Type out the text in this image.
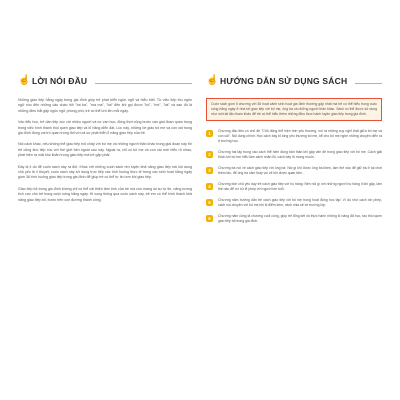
☝ LỜI NÓI ĐẦU

Những giao tiếp hằng ngày trong gia đình giúp trẻ phát triển ngôn ngữ và hiểu biết. Từ việc tiếp thu ngôn ngữ cho đến những câu chào hỏi "ba ba", "ma ma", "bà" đến khi gọi được "bố", "mẹ", "bà" và sau đó là những điều bắt gặp ngôn ngữ phong phú, trẻ có thể lớn lên mỗi ngày.

Vào tiểu học, trẻ dần tiếp xúc với nhiều người và cự vạn học, đồng thời cũng bước vào giai đoạn quan trọng trong việc hình thành thói quen giao tiếp và kĩ năng diễn đạt. Lúc này, những lời giáo bố mẹ và con cái trong gia đình đóng vai trò quan trọng đối với cả sự phát triển lĩ năng giao tiếp của trẻ.

Nói cách khác, nếu không thể giao tiếp trôi chảy với bố mẹ và những người thân khác trong giai đoạn này thì trẻ cũng khó tiếp xúc với thế giới bên ngoài sau này. Ngoài ra, chỉ có bố mẹ và con cái mới hiểu rõ nhau, phát hiện ra mặt khó khăn trong giao tiếp mà trẻ gặp phải.

Đây là lí do để cuốn sách này ra đời. Khác với những cuốn sách rèn luyện khả năng giao tiếp mà nội dung chủ yếu là lí thuyết, cuốn sách này sử dụng trực tiếp các tình huống thực tế trong các sinh hoạt hằng ngày gồm 36 tình huống giao tiếp trong gia đình để giúp trẻ có thể tự tin hơn khi giao tiếp.

Giao tiếp tốt trong gia đình không chỉ có thể cải thiện tâm tình của trẻ mà còn mang lại sự tự tin, năng lượng tích cực cho trẻ trong cuộc sống hằng ngày. Hi vọng thông qua cuốn sách này, trẻ em có thể hình thành khả năng giao tiếp tốt, bước trên con đường thành công.

☝ HƯỚNG DẪN SỬ DỤNG SÁCH

Cuốn sách gồm 5 chương với 36 hoạt cảnh sinh hoạt gia đình thường gặp nhất mà trẻ có thể hiểu trong cuộc sống hằng ngày ở nhà tới giao tiếp với bố mẹ, ông bà và những người thân khác. Sách có thể được sử dụng như một tài liệu tham khảo để trẻ có thể hiểu thêm những điều thực hành luyện giao tiếp trong gia đình.

1	Chương đầu tiên có chủ đề "Chủ động thể hiện tình yêu thương, nói ra những suy nghĩ thật giữa bố mẹ và con cái". Nội dung chính: Học cách bày tỏ lòng yêu thương bố mẹ, kể cho bố mẹ nghe những chuyện diễn ra ở trường học.

2	Chương hai tập trung vào cách thể hiện đúng bản thân khi gặp vấn đề trong giao tiếp với bố mẹ. Cách giải thích khi bố mẹ hiểu lầm cách nhận lỗi, cách bày tỏ mong muốn.

3	Chương ba nói về cách giao tiếp với ông bà: Nói gì khi được ông bà khen, làm thế nào để giữ bà ở lại chơi thêm lâu, để ông bà cảm thấy vui vẻ khi được quan tâm.

4	Chương bốn chủ yếu dạy trẻ cách giao tiếp với họ hàng: Nên nói gì với những người họ hàng ít khi gặp, làm thế nào để cư xử lễ phép với người lớn tuổi.

5	Chương năm hướng dẫn trẻ cách giao tiếp với bố mẹ trong hoạt động học tập: Ví dụ như cách xin phép, cách nói chuyện với bố mẹ khi bị điểm kém, cách chia sẻ về trường lớp.

6	Chương năm cũng là chương cuối cùng, giúp trẻ tổng kết và thực hành những kĩ năng đã học, tạo thói quen giao tiếp tốt trong gia đình.
